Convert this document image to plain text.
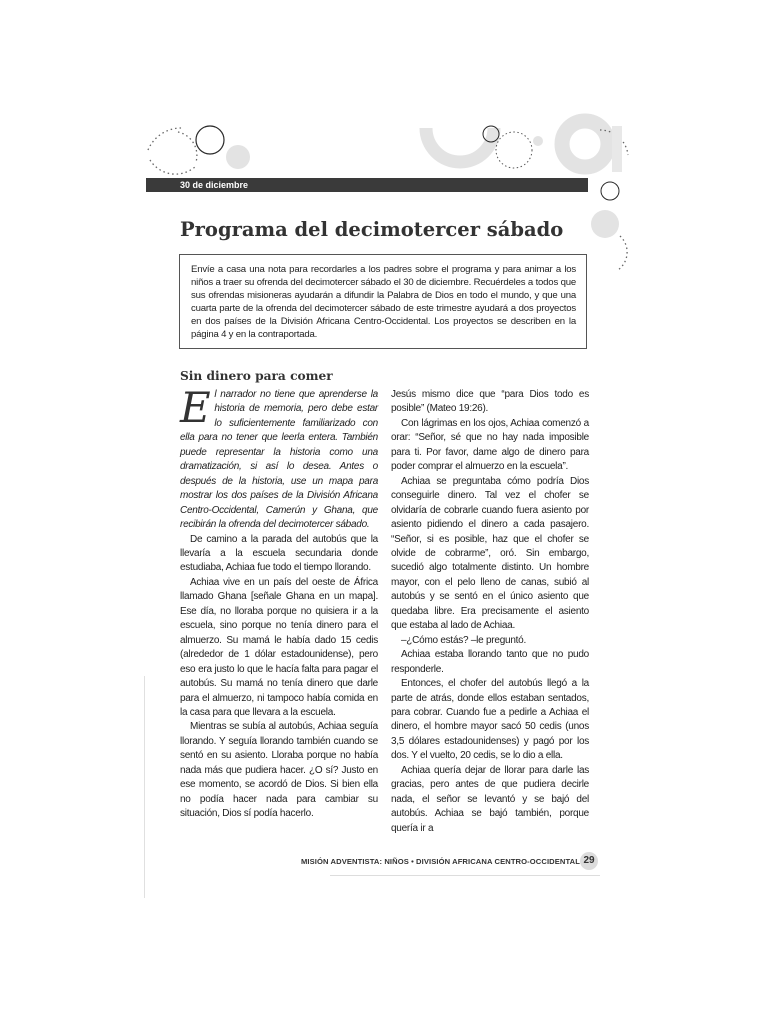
30 de diciembre
Programa del decimotercer sábado

Envíe a casa una nota para recordarles a los padres sobre el programa y para animar a los niños a traer su ofrenda del decimotercer sábado el 30 de diciembre. Recuérdeles a todos que sus ofrendas misioneras ayudarán a difundir la Palabra de Dios en todo el mundo, y que una cuarta parte de la ofrenda del decimotercer sábado de este trimestre ayudará a dos proyectos en dos países de la División Africana Centro-Occidental. Los proyectos se describen en la página 4 y en la contraportada.

Sin dinero para comer

El narrador no tiene que aprenderse la historia de memoria, pero debe estar lo suficientemente familiarizado con ella para no tener que leerla entera. También puede representar la historia como una dramatización, si así lo desea. Antes o después de la historia, use un mapa para mostrar los dos países de la División Africana Centro-Occidental, Camerún y Ghana, que recibirán la ofrenda del decimotercer sábado.

De camino a la parada del autobús que la llevaría a la escuela secundaria donde estudiaba, Achiaa fue todo el tiempo llorando.

Achiaa vive en un país del oeste de África llamado Ghana [señale Ghana en un mapa]. Ese día, no lloraba porque no quisiera ir a la escuela, sino porque no tenía dinero para el almuerzo. Su mamá le había dado 15 cedis (alrededor de 1 dólar estadounidense), pero eso era justo lo que le hacía falta para pagar el autobús. Su mamá no tenía dinero que darle para el almuerzo, ni tampoco había comida en la casa para que llevara a la escuela.

Mientras se subía al autobús, Achiaa seguía llorando. Y seguía llorando también cuando se sentó en su asiento. Lloraba porque no había nada más que pudiera hacer. ¿O sí? Justo en ese momento, se acordó de Dios. Si bien ella no podía hacer nada para cambiar su situación, Dios sí podía hacerlo.

Jesús mismo dice que “para Dios todo es posible” (Mateo 19:26).

Con lágrimas en los ojos, Achiaa comenzó a orar: “Señor, sé que no hay nada imposible para ti. Por favor, dame algo de dinero para poder comprar el almuerzo en la escuela”.

Achiaa se preguntaba cómo podría Dios conseguirle dinero. Tal vez el chofer se olvidaría de cobrarle cuando fuera asiento por asiento pidiendo el dinero a cada pasajero. “Señor, si es posible, haz que el chofer se olvide de cobrarme”, oró. Sin embargo, sucedió algo totalmente distinto. Un hombre mayor, con el pelo lleno de canas, subió al autobús y se sentó en el único asiento que quedaba libre. Era precisamente el asiento que estaba al lado de Achiaa.

–¿Cómo estás? –le preguntó.

Achiaa estaba llorando tanto que no pudo responderle.

Entonces, el chofer del autobús llegó a la parte de atrás, donde ellos estaban sentados, para cobrar. Cuando fue a pedirle a Achiaa el dinero, el hombre mayor sacó 50 cedis (unos 3,5 dólares estadounidenses) y pagó por los dos. Y el vuelto, 20 cedis, se lo dio a ella.

Achiaa quería dejar de llorar para darle las gracias, pero antes de que pudiera decirle nada, el señor se levantó y se bajó del autobús. Achiaa se bajó también, porque quería ir a

MISIÓN ADVENTISTA: NIÑOS • DIVISIÓN AFRICANA CENTRO-OCCIDENTAL 29
